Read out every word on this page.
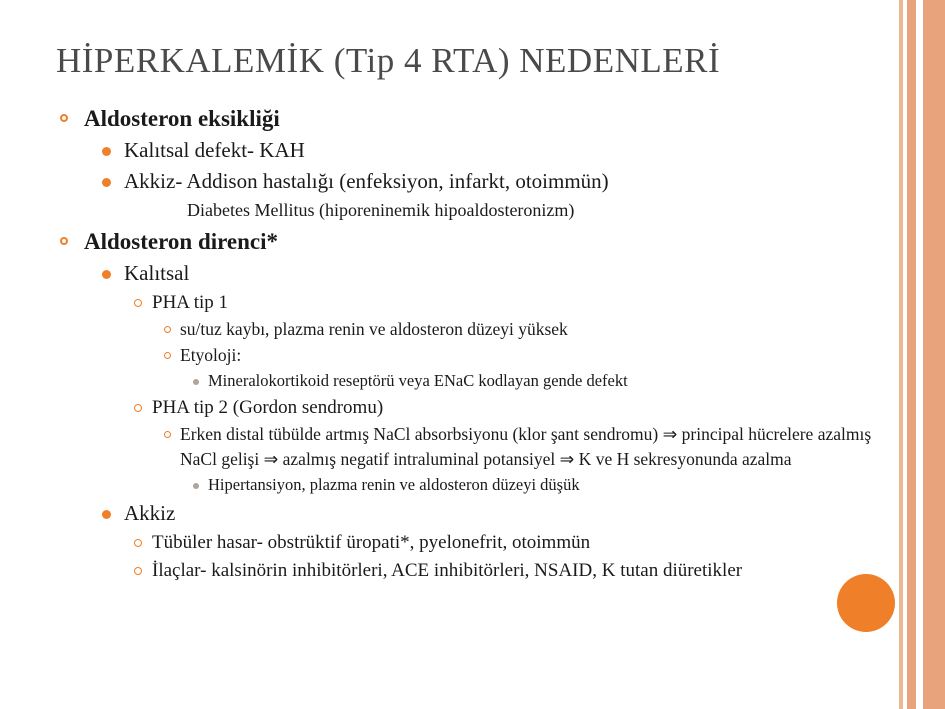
HİPERKALEMİK (Tip 4 RTA) NEDENLERİ
Aldosteron eksikliği
Kalıtsal defekt- KAH
Akkiz- Addison hastalığı (enfeksiyon, infarkt, otoimmün)
Diabetes Mellitus (hiporeninemik hipoaldosteronizm)
Aldosteron direnci*
Kalıtsal
PHA tip 1
su/tuz kaybı, plazma renin ve aldosteron düzeyi yüksek
Etyoloji:
Mineralokortikoid reseptörü veya ENaC kodlayan gende defekt
PHA tip 2 (Gordon sendromu)
Erken distal tübülde artmış NaCl absorbsiyonu (klor şant sendromu) ⇒ principal hücrelere azalmış NaCl gelişi ⇒ azalmış negatif intraluminal potansiyel ⇒ K ve H sekresyonunda azalma
Hipertansiyon, plazma renin ve aldosteron düzeyi düşük
Akkiz
Tübüler hasar- obstrüktif üropati*, pyelonefrit, otoimmün
İlaçlar- kalsinörin inhibitörleri, ACE inhibitörleri, NSAID, K tutan diüretikler
